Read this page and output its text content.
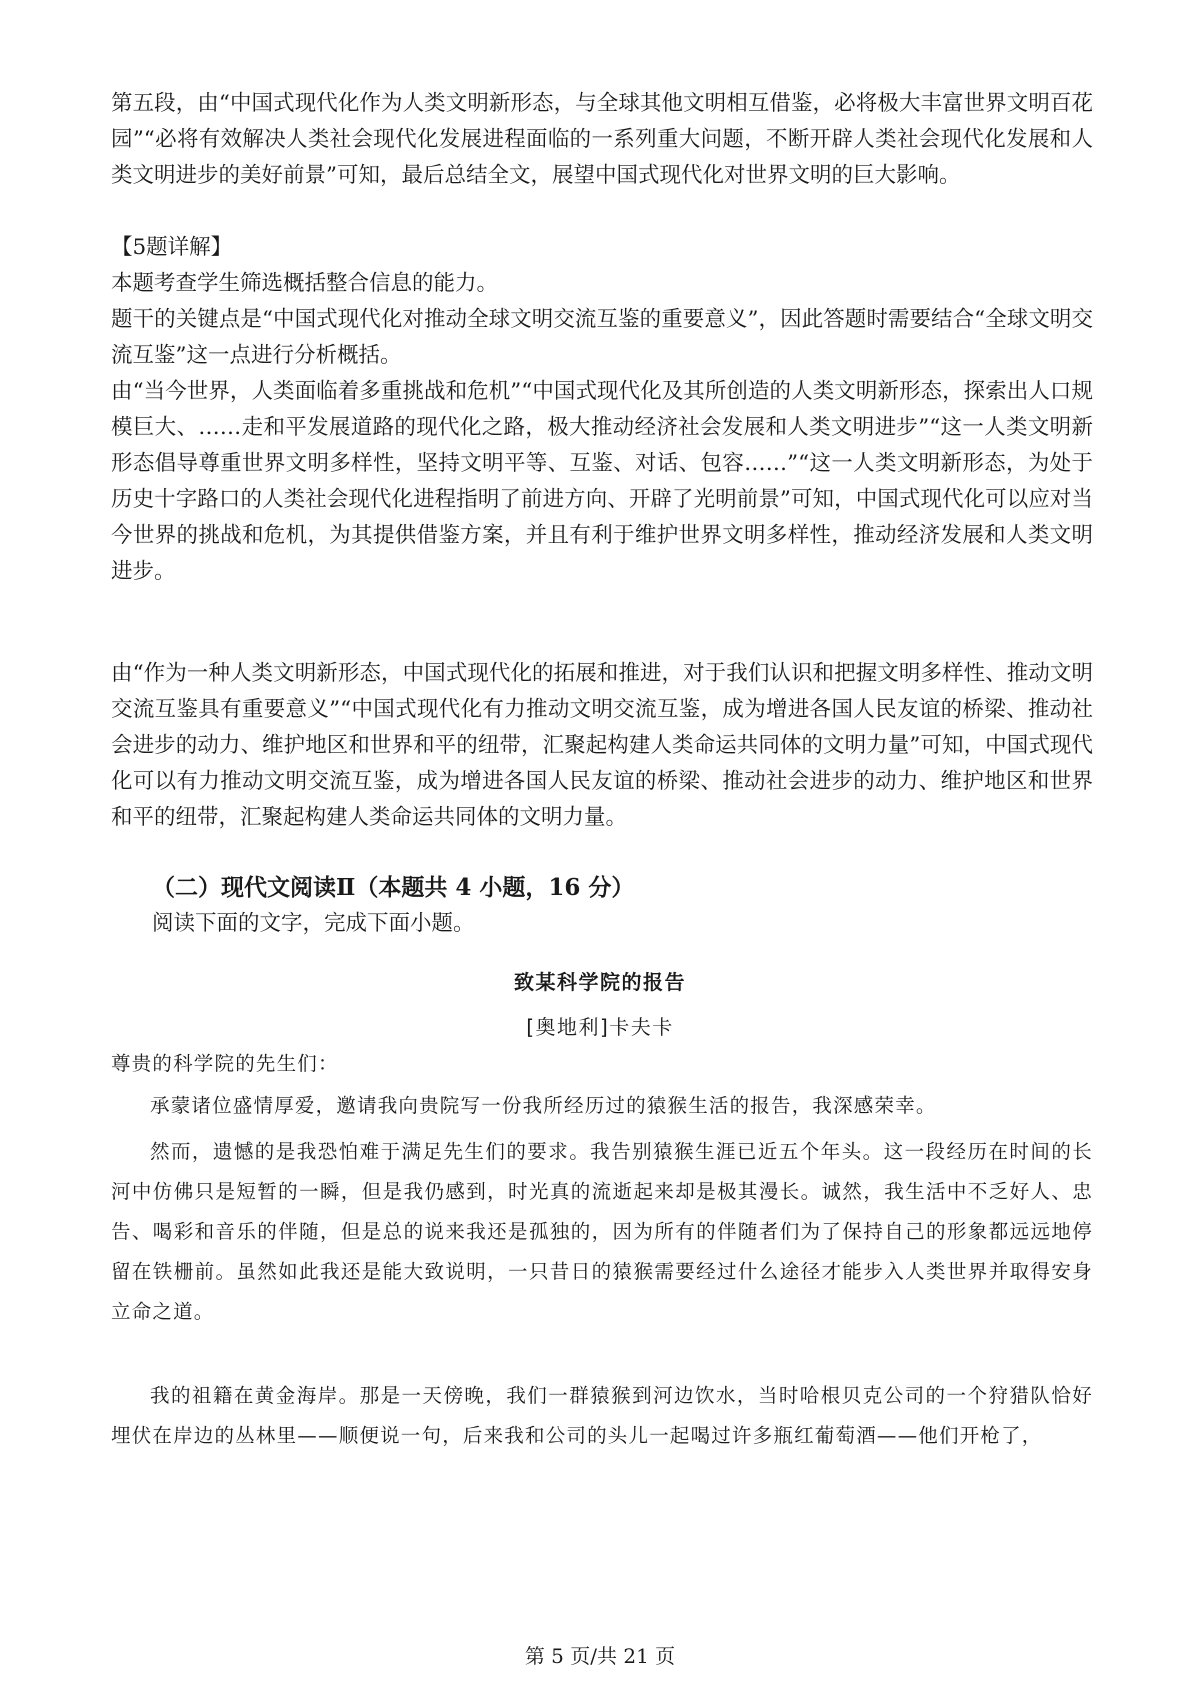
第五段，由“中国式现代化作为人类文明新形态，与全球其他文明相互借鉴，必将极大丰富世界文明百花园”“必将有效解决人类社会现代化发展进程面临的一系列重大问题，不断开辟人类社会现代化发展和人类文明进步的美好前景”可知，最后总结全文，展望中国式现代化对世界文明的巨大影响。
【5题详解】
本题考查学生筛选概括整合信息的能力。
题干的关键点是“中国式现代化对推动全球文明交流互鉴的重要意义”，因此答题时需要结合“全球文明交流互鉴”这一点进行分析概括。
由“当今世界，人类面临着多重挑战和危机”“中国式现代化及其所创造的人类文明新形态，探索出人口规模巨大、……走和平发展道路的现代化之路，极大推动经济社会发展和人类文明进步”“这一人类文明新形态倡导尊重世界文明多样性，坚持文明平等、互鉴、对话、包容……”“这一人类文明新形态，为处于历史十字路口的人类社会现代化进程指明了前进方向、开辟了光明前景”可知，中国式现代化可以应对当今世界的挑战和危机，为其提供借鉴方案，并且有利于维护世界文明多样性，推动经济发展和人类文明进步。
由“作为一种人类文明新形态，中国式现代化的拓展和推进，对于我们认识和把握文明多样性、推动文明交流互鉴具有重要意义”“中国式现代化有力推动文明交流互鉴，成为增进各国人民友谊的桥梁、推动社会进步的动力、维护地区和世界和平的纽带，汇聚起构建人类命运共同体的文明力量”可知，中国式现代化可以有力推动文明交流互鉴，成为增进各国人民友谊的桥梁、推动社会进步的动力、维护地区和世界和平的纽带，汇聚起构建人类命运共同体的文明力量。
（二）现代文阅读Ⅱ（本题共 4 小题，16 分）
阅读下面的文字，完成下面小题。
致某科学院的报告
[奥地利]卡夫卡
尊贵的科学院的先生们：
承蒙诸位盛情厚爱，邀请我向贵院写一份我所经历过的猿猴生活的报告，我深感荣幸。
然而，遗憾的是我恐怕难于满足先生们的要求。我告别猿猴生涯已近五个年头。这一段经历在时间的长河中仿佛只是短暂的一瞬，但是我仍感到，时光真的流逝起来却是极其漫长。诚然，我生活中不乏好人、忠告、喝彩和音乐的伴随，但是总的说来我还是孤独的，因为所有的伴随者们为了保持自己的形象都远远地停留在铁栅前。虽然如此我还是能大致说明，一只昔日的猿猴需要经过什么途径才能步入人类世界并取得安身立命之道。
我的祖籍在黄金海岸。那是一天傍晚，我们一群猿猴到河边饮水，当时哈根贝克公司的一个狩猎队恰好埋伏在岸边的丛林里——顺便说一句，后来我和公司的头儿一起喝过许多瓶红葡萄酒——他们开枪了，
第 5 页/共 21 页
